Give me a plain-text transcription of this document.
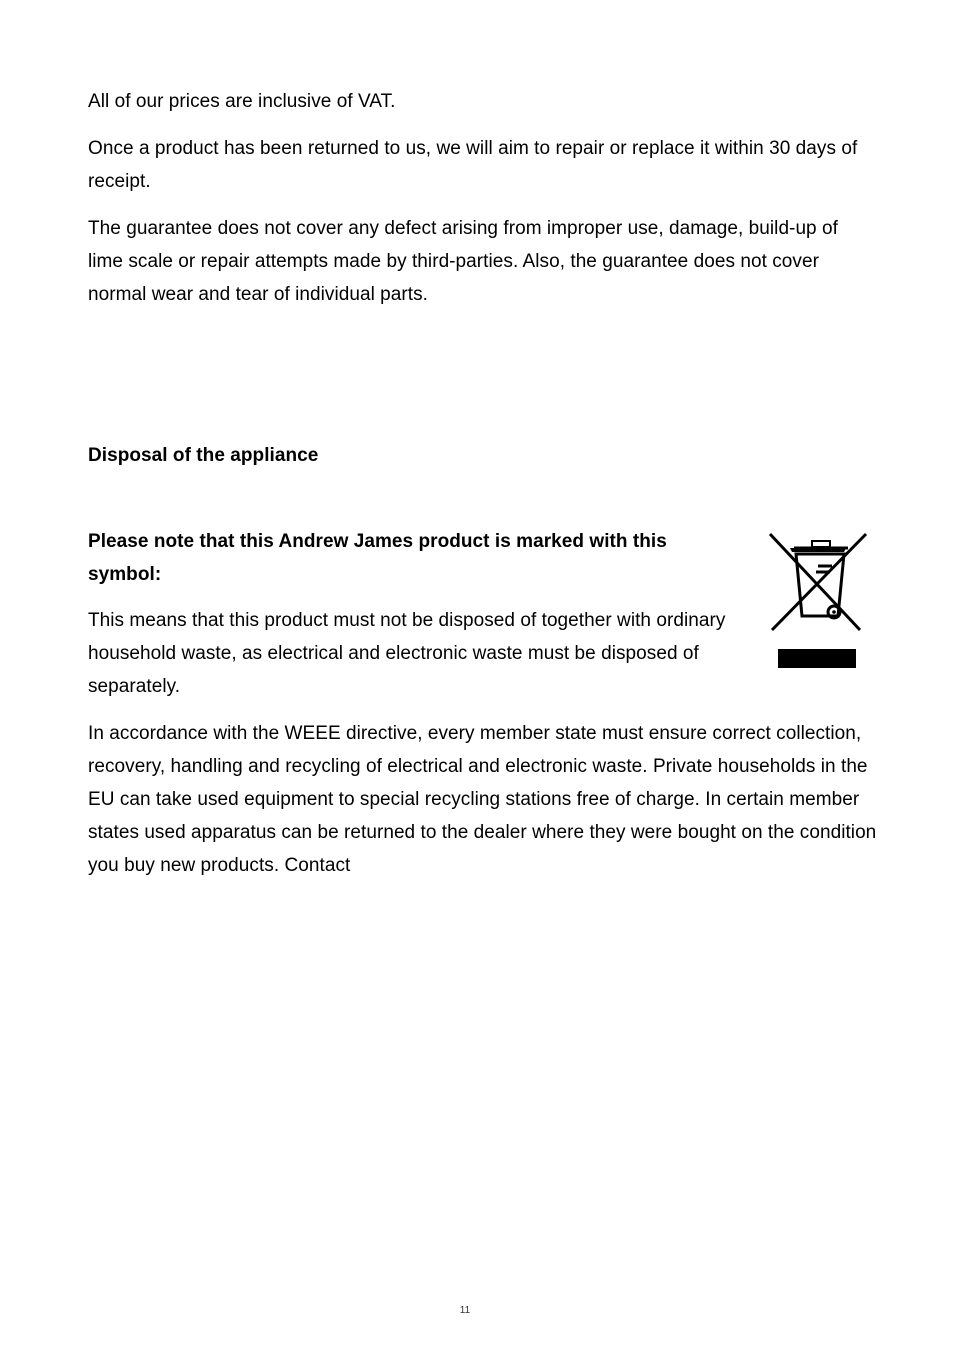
All of our prices are inclusive of VAT.

Once a product has been returned to us, we will aim to repair or replace it within 30 days of receipt.

The guarantee does not cover any defect arising from improper use, damage, build-up of lime scale or repair attempts made by third-parties. Also, the guarantee does not cover normal wear and tear of individual parts.

Disposal of the appliance

Please note that this Andrew James product is marked with this symbol:

This means that this product must not be disposed of together with ordinary household waste, as electrical and electronic waste must be disposed of separately.

In accordance with the WEEE directive, every member state must ensure correct collection, recovery, handling and recycling of electrical and electronic waste. Private households in the EU can take used equipment to special recycling stations free of charge. In certain member states used apparatus can be returned to the dealer where they were bought on the condition you buy new products. Contact

11
